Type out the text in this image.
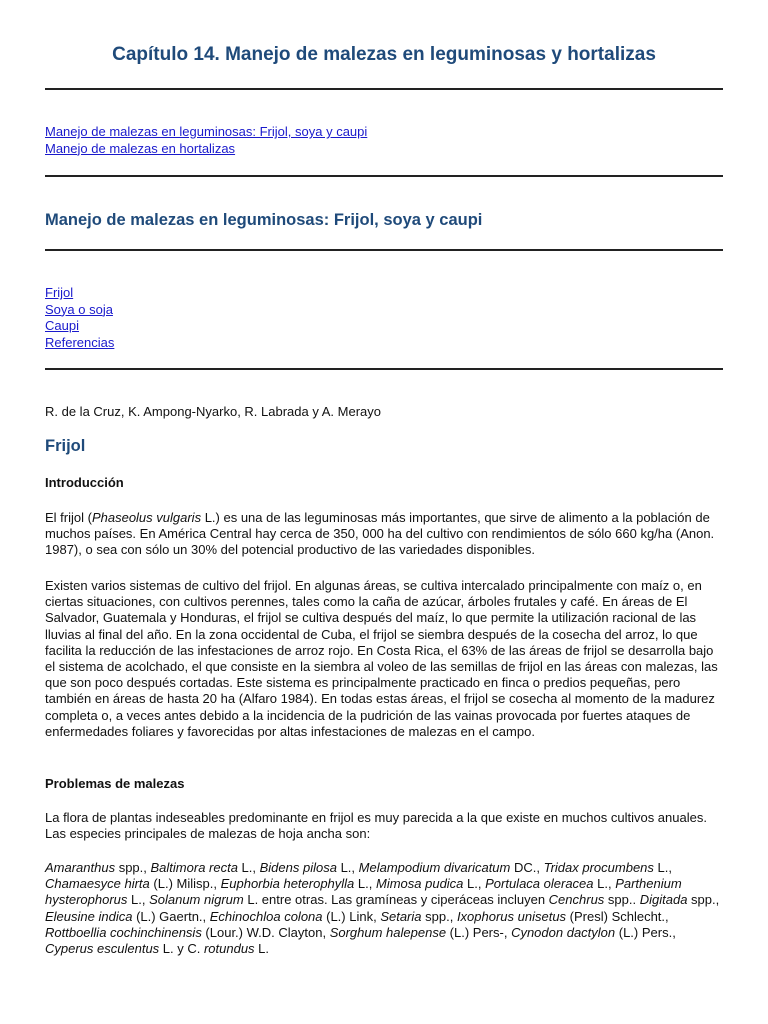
Capítulo 14. Manejo de malezas en leguminosas y hortalizas
Manejo de malezas en leguminosas: Frijol, soya y caupi
Manejo de malezas en hortalizas
Manejo de malezas en leguminosas: Frijol, soya y caupi
Frijol
Soya o soja
Caupi
Referencias

R. de la Cruz, K. Ampong-Nyarko, R. Labrada y A. Merayo

Frijol
Introducción

El frijol (Phaseolus vulgaris L.) es una de las leguminosas más importantes, que sirve de alimento a la población de muchos países. En América Central hay cerca de 350, 000 ha del cultivo con rendimientos de sólo 660 kg/ha (Anon. 1987), o sea con sólo un 30% del potencial productivo de las variedades disponibles.

Existen varios sistemas de cultivo del frijol. En algunas áreas, se cultiva intercalado principalmente con maíz o, en ciertas situaciones, con cultivos perennes, tales como la caña de azúcar, árboles frutales y café. En áreas de El Salvador, Guatemala y Honduras, el frijol se cultiva después del maíz, lo que permite la utilización racional de las lluvias al final del año. En la zona occidental de Cuba, el frijol se siembra después de la cosecha del arroz, lo que facilita la reducción de las infestaciones de arroz rojo. En Costa Rica, el 63% de las áreas de frijol se desarrolla bajo el sistema de acolchado, el que consiste en la siembra al voleo de las semillas de frijol en las áreas con malezas, las que son poco después cortadas. Este sistema es principalmente practicado en finca o predios pequeñas, pero también en áreas de hasta 20 ha (Alfaro 1984). En todas estas áreas, el frijol se cosecha al momento de la madurez completa o, a veces antes debido a la incidencia de la pudrición de las vainas provocada por fuertes ataques de enfermedades foliares y favorecidas por altas infestaciones de malezas en el campo.

Problemas de malezas

La flora de plantas indeseables predominante en frijol es muy parecida a la que existe en muchos cultivos anuales. Las especies principales de malezas de hoja ancha son:

Amaranthus spp., Baltimora recta L., Bidens pilosa L., Melampodium divaricatum DC., Tridax procumbens L., Chamaesyce hirta (L.) Milisp., Euphorbia heterophylla L., Mimosa pudica L., Portulaca oleracea L., Parthenium hysterophorus L., Solanum nigrum L. entre otras. Las gramíneas y ciperáceas incluyen Cenchrus spp.. Digitada spp., Eleusine indica (L.) Gaertn., Echinochloa colona (L.) Link, Setaria spp., Ixophorus unisetus (Presl) Schlecht., Rottboellia cochinchinensis (Lour.) W.D. Clayton, Sorghum halepense (L.) Pers-, Cynodon dactylon (L.) Pers., Cyperus esculentus L. y C. rotundus L.
